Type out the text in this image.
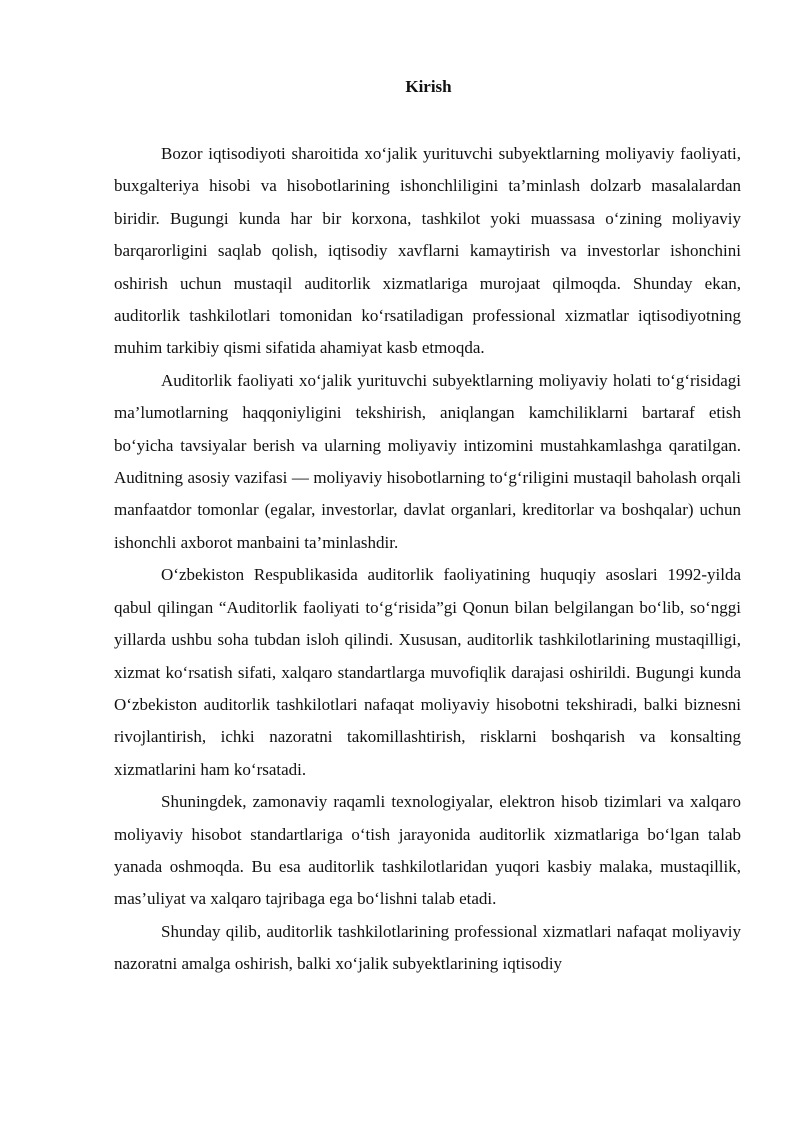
Kirish

Bozor iqtisodiyoti sharoitida xo‘jalik yurituvchi subyektlarning moliyaviy faoliyati, buxgalteriya hisobi va hisobotlarining ishonchliligini ta’minlash dolzarb masalalardan biridir. Bugungi kunda har bir korxona, tashkilot yoki muassasa o‘zining moliyaviy barqarorligini saqlab qolish, iqtisodiy xavflarni kamaytirish va investorlar ishonchini oshirish uchun mustaqil auditorlik xizmatlariga murojaat qilmoqda. Shunday ekan, auditorlik tashkilotlari tomonidan ko‘rsatiladigan professional xizmatlar iqtisodiyotning muhim tarkibiy qismi sifatida ahamiyat kasb etmoqda.

Auditorlik faoliyati xo‘jalik yurituvchi subyektlarning moliyaviy holati to‘g‘risidagi ma’lumotlarning haqqoniyligini tekshirish, aniqlangan kamchiliklarni bartaraf etish bo‘yicha tavsiyalar berish va ularning moliyaviy intizomini mustahkamlashga qaratilgan. Auditning asosiy vazifasi — moliyaviy hisobotlarning to‘g‘riligini mustaqil baholash orqali manfaatdor tomonlar (egalar, investorlar, davlat organlari, kreditorlar va boshqalar) uchun ishonchli axborot manbaini ta’minlashdir.

O‘zbekiston Respublikasida auditorlik faoliyatining huquqiy asoslari 1992-yilda qabul qilingan “Auditorlik faoliyati to‘g‘risida”gi Qonun bilan belgilangan bo‘lib, so‘nggi yillarda ushbu soha tubdan isloh qilindi. Xususan, auditorlik tashkilotlarining mustaqilligi, xizmat ko‘rsatish sifati, xalqaro standartlarga muvofiqlik darajasi oshirildi. Bugungi kunda O‘zbekiston auditorlik tashkilotlari nafaqat moliyaviy hisobotni tekshiradi, balki biznesni rivojlantirish, ichki nazoratni takomillashtirish, risklarni boshqarish va konsalting xizmatlarini ham ko‘rsatadi.

Shuningdek, zamonaviy raqamli texnologiyalar, elektron hisob tizimlari va xalqaro moliyaviy hisobot standartlariga o‘tish jarayonida auditorlik xizmatlariga bo‘lgan talab yanada oshmoqda. Bu esa auditorlik tashkilotlaridan yuqori kasbiy malaka, mustaqillik, mas’uliyat va xalqaro tajribaga ega bo‘lishni talab etadi.

Shunday qilib, auditorlik tashkilotlarining professional xizmatlari nafaqat moliyaviy nazoratni amalga oshirish, balki xo‘jalik subyektlarining iqtisodiy
